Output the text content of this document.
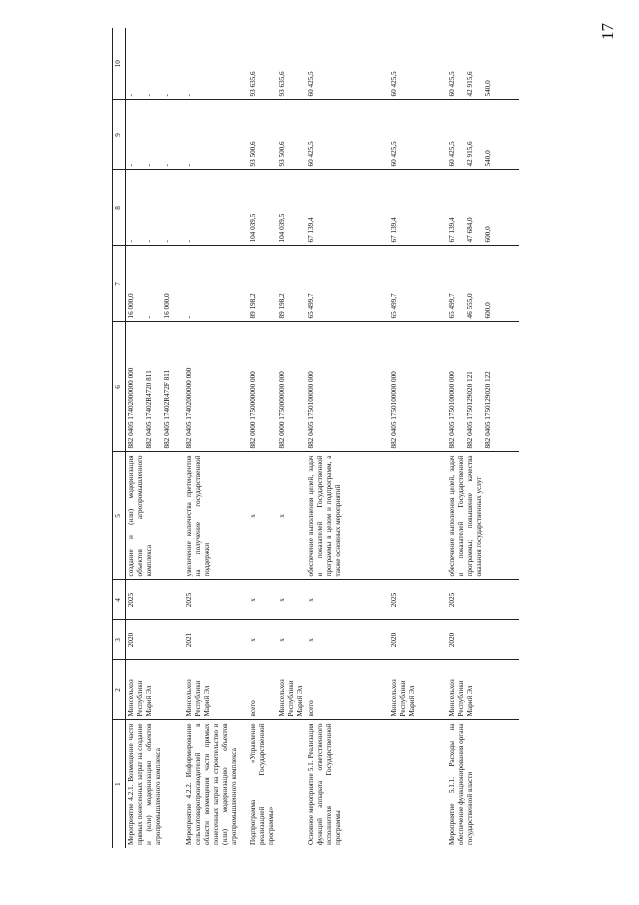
17
1	2	3	4	5	6	7	8	9	10
Мероприятие 4.2.1. Возмещение части прямых понесенных затрат на создание и (или) модернизацию объектов агропромышленного комплекса	Минсельхоз Республики Марий Эл	2020	2025	создание и (или) модернизация объектов агропромышленного комплекса	882 0405 17402000000 000 882 0405 17402R4720 811 882 0405 17402R472F 811	16 000,0 - 16 000,0	- - -	- - -	- - -

Мероприятие 4.2.2. Информирование сельхозтоваропроизводителей в области возмещения части прямых понесенных затрат на строительство и (или) модернизацию объектов агропромышленного комплекса	Минсельхоз Республики Марий Эл	2021	2025	увеличение количества претендентов на получение государственной поддержки	882 0405 17402000000 000	-	-	-	-
Подпрограмма «Управление реализацией Государственной программы»	всего	х	х	х	882 0000 1750000000 000	89 198,2	104 039,5	93 500,6	93 635,6
	Минсельхоз Республики Марий Эл	х	х	х	882 0000 1750000000 000	89 198,2	104 039,5	93 500,6	93 635,6
Основное мероприятие 5.1. Реализация функций аппарата ответственного исполнителя Государственной программы	всего	х	х	обеспечение выполнения целей, задач и показателей Государственной программы в целом и подпрограмм, а также основных мероприятий	882 0405 1750100000 000	65 499,7	67 139,4	60 425,5	60 425,5
	Минсельхоз Республики Марий Эл	2020	2025		882 0405 1750100000 000	65 499,7	67 139,4	60 425,5	60 425,5
Мероприятие 5.1.1. Расходы на обеспечение функционирования органа государственной власти	Минсельхоз Республики Марий Эл	2020	2025	обеспечение выполнения целей, задач и показателей Государственной программы; повышение качества оказания государственных услуг	882 0405 1750100000 000 882 0405 1750129020 121 882 0405 1750129020 122	65 499,7 46 555,0 600,0	67 139,4 47 684,0 600,0	60 425,5 42 915,6 540,0	60 425,5 42 915,6 540,0
